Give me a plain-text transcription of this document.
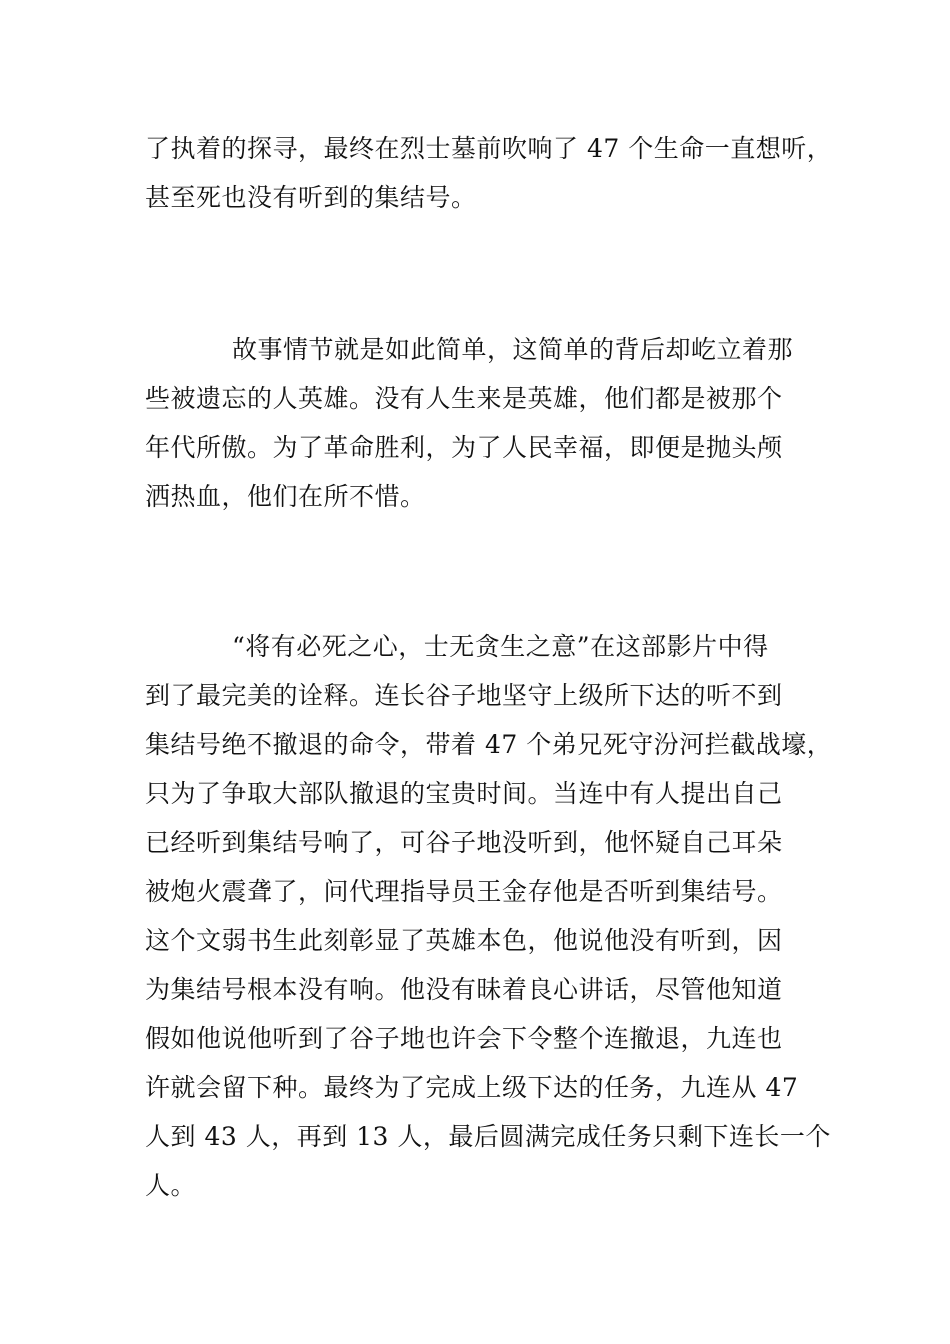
了执着的探寻，最终在烈士墓前吹响了 47 个生命一直想听，
甚至死也没有听到的集结号。
故事情节就是如此简单，这简单的背后却屹立着那
些被遗忘的人英雄。没有人生来是英雄，他们都是被那个
年代所傲。为了革命胜利，为了人民幸福，即便是抛头颅
洒热血，他们在所不惜。
“将有必死之心，士无贪生之意”在这部影片中得
到了最完美的诠释。连长谷子地坚守上级所下达的听不到
集结号绝不撤退的命令，带着 47 个弟兄死守汾河拦截战壕，
只为了争取大部队撤退的宝贵时间。当连中有人提出自己
已经听到集结号响了，可谷子地没听到，他怀疑自己耳朵
被炮火震聋了，问代理指导员王金存他是否听到集结号。
这个文弱书生此刻彰显了英雄本色，他说他没有听到，因
为集结号根本没有响。他没有昧着良心讲话，尽管他知道
假如他说他听到了谷子地也许会下令整个连撤退，九连也
许就会留下种。最终为了完成上级下达的任务，九连从 47
人到 43 人，再到 13 人，最后圆满完成任务只剩下连长一个
人。
